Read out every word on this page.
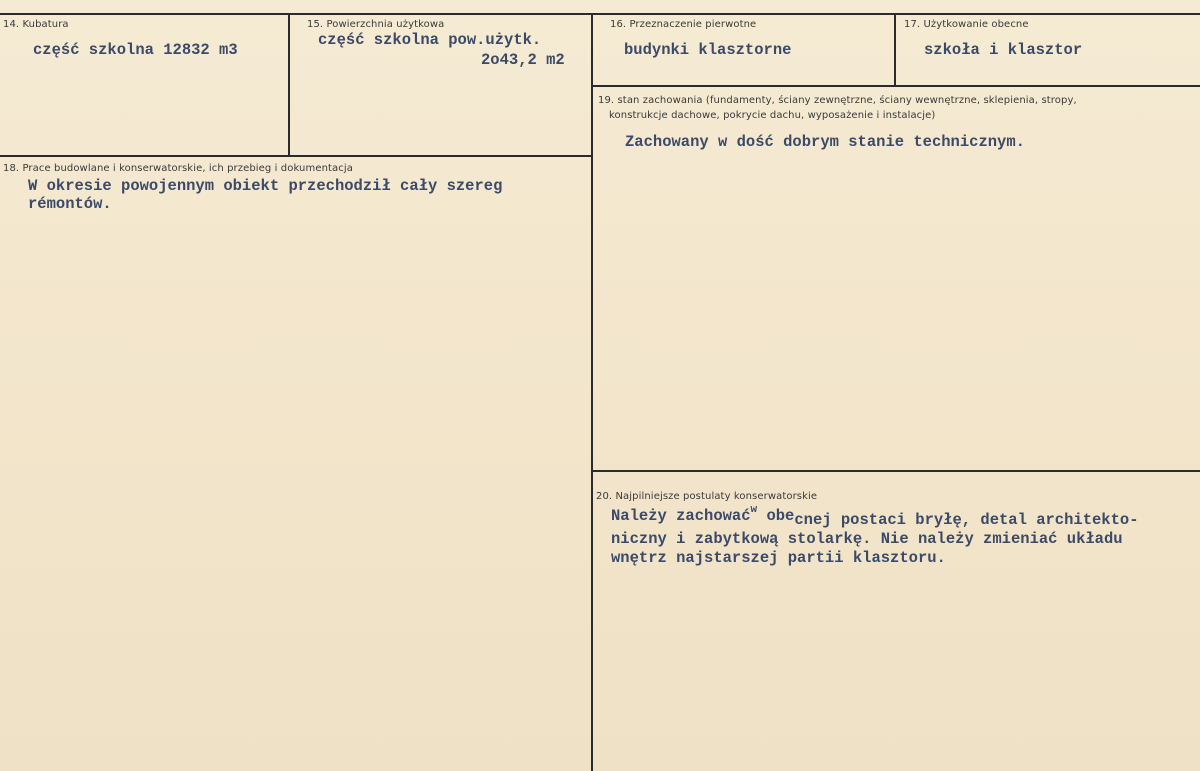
14. Kubatura
część szkolna 12832 m3
15. Powierzchnia użytkowa
część szkolna pow.użytk.
2o43,2 m2
16. Przeznaczenie pierwotne
budynki klasztorne
17. Użytkowanie obecne
szkoła i klasztor
18. Prace budowlane i konserwatorskie, ich przebieg i dokumentacja
W okresie powojennym obiekt przechodził cały szereg
rémontów.
19. stan zachowania (fundamenty, ściany zewnętrzne, ściany wewnętrzne, sklepienia, stropy,
konstrukcje dachowe, pokrycie dachu, wyposażenie i instalacje)
Zachowany w dość dobrym stanie technicznym.
20. Najpilniejsze postulaty konserwatorskie
Należy zachować$^w$ obecnej postaci bryłę, detal architekto-
niczny i zabytkową stolarkę. Nie należy zmieniać układu
wnętrz najstarszej partii klasztoru.
